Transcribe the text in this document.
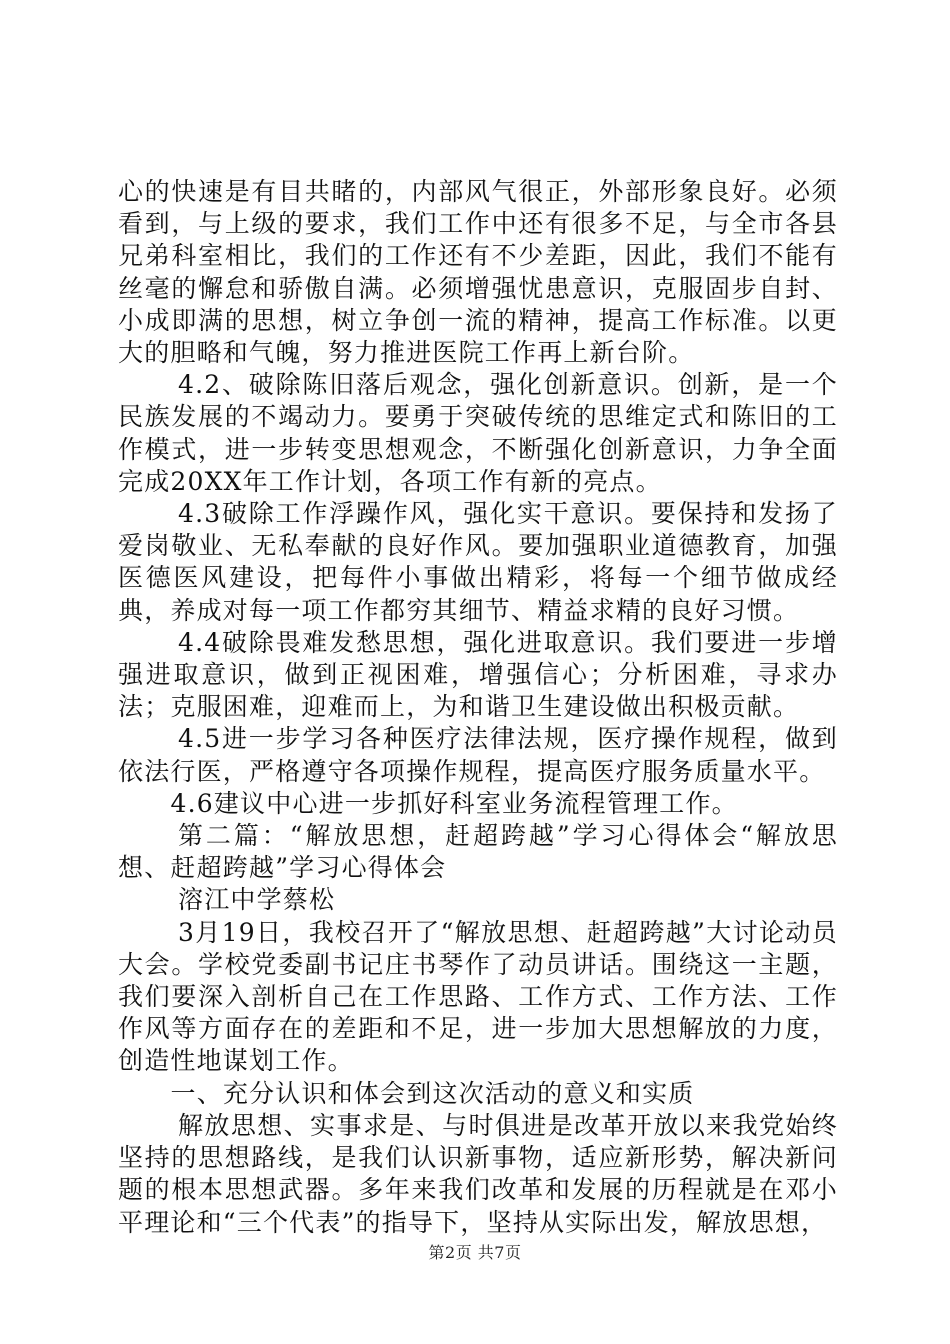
心的快速是有目共睹的，内部风气很正，外部形象良好。必须看到，与上级的要求，我们工作中还有很多不足，与全市各县兄弟科室相比，我们的工作还有不少差距，因此，我们不能有丝毫的懈怠和骄傲自满。必须增强忧患意识，克服固步自封、小成即满的思想，树立争创一流的精神，提高工作标准。以更大的胆略和气魄，努力推进医院工作再上新台阶。

4.2、破除陈旧落后观念，强化创新意识。创新，是一个民族发展的不竭动力。要勇于突破传统的思维定式和陈旧的工作模式，进一步转变思想观念，不断强化创新意识，力争全面完成20XX年工作计划，各项工作有新的亮点。

4.3破除工作浮躁作风，强化实干意识。要保持和发扬了爱岗敬业、无私奉献的良好作风。要加强职业道德教育，加强医德医风建设，把每件小事做出精彩，将每一个细节做成经典，养成对每一项工作都穷其细节、精益求精的良好习惯。

4.4破除畏难发愁思想，强化进取意识。我们要进一步增强进取意识，做到正视困难，增强信心；分析困难，寻求办法；克服困难，迎难而上，为和谐卫生建设做出积极贡献。

4.5进一步学习各种医疗法律法规，医疗操作规程，做到依法行医，严格遵守各项操作规程，提高医疗服务质量水平。

4.6建议中心进一步抓好科室业务流程管理工作。

第二篇：“解放思想，赶超跨越”学习心得体会“解放思想、赶超跨越”学习心得体会

溶江中学蔡松

3月19日，我校召开了“解放思想、赶超跨越”大讨论动员大会。学校党委副书记庄书琴作了动员讲话。围绕这一主题，我们要深入剖析自己在工作思路、工作方式、工作方法、工作作风等方面存在的差距和不足，进一步加大思想解放的力度，创造性地谋划工作。

一、充分认识和体会到这次活动的意义和实质

解放思想、实事求是、与时俱进是改革开放以来我党始终坚持的思想路线，是我们认识新事物，适应新形势，解决新问题的根本思想武器。多年来我们改革和发展的历程就是在邓小平理论和“三个代表”的指导下，坚持从实际出发，解放思想，

第2页 共7页
